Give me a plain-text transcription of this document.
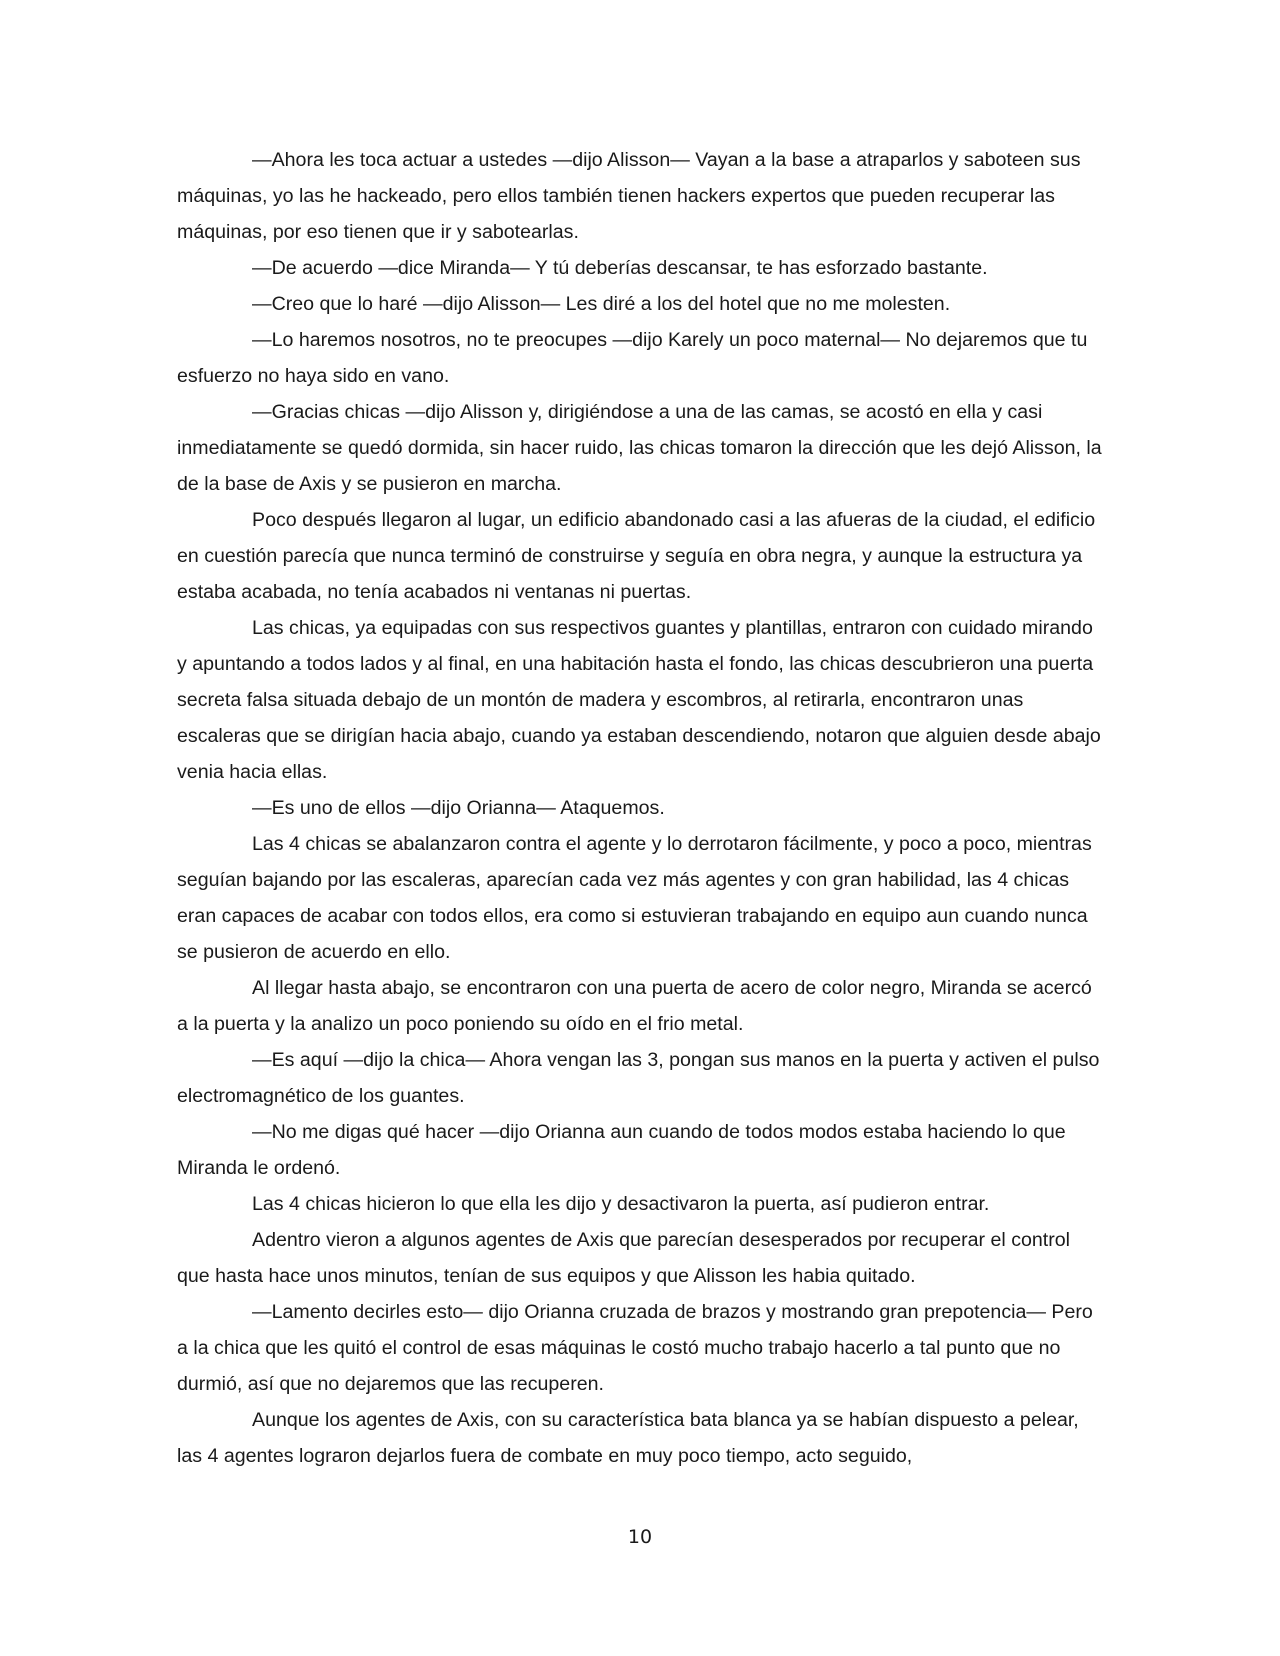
—Ahora les toca actuar a ustedes —dijo Alisson— Vayan a la base a atraparlos y saboteen sus máquinas, yo las he hackeado, pero ellos también tienen hackers expertos que pueden recuperar las máquinas, por eso tienen que ir y sabotearlas.

—De acuerdo —dice Miranda— Y tú deberías descansar, te has esforzado bastante.

—Creo que lo haré —dijo Alisson— Les diré a los del hotel que no me molesten.

—Lo haremos nosotros, no te preocupes —dijo Karely un poco maternal— No dejaremos que tu esfuerzo no haya sido en vano.

—Gracias chicas —dijo Alisson y, dirigiéndose a una de las camas, se acostó en ella y casi inmediatamente se quedó dormida, sin hacer ruido, las chicas tomaron la dirección que les dejó Alisson, la de la base de Axis y se pusieron en marcha.

Poco después llegaron al lugar, un edificio abandonado casi a las afueras de la ciudad, el edificio en cuestión parecía que nunca terminó de construirse y seguía en obra negra, y aunque la estructura ya estaba acabada, no tenía acabados ni ventanas ni puertas.

Las chicas, ya equipadas con sus respectivos guantes y plantillas, entraron con cuidado mirando y apuntando a todos lados y al final, en una habitación hasta el fondo, las chicas descubrieron una puerta secreta falsa situada debajo de un montón de madera y escombros, al retirarla, encontraron unas escaleras que se dirigían hacia abajo, cuando ya estaban descendiendo, notaron que alguien desde abajo venia hacia ellas.

—Es uno de ellos —dijo Orianna— Ataquemos.

Las 4 chicas se abalanzaron contra el agente y lo derrotaron fácilmente, y poco a poco, mientras seguían bajando por las escaleras, aparecían cada vez más agentes y con gran habilidad, las 4 chicas eran capaces de acabar con todos ellos, era como si estuvieran trabajando en equipo aun cuando nunca se pusieron de acuerdo en ello.

Al llegar hasta abajo, se encontraron con una puerta de acero de color negro, Miranda se acercó a la puerta y la analizo un poco poniendo su oído en el frio metal.

—Es aquí —dijo la chica— Ahora vengan las 3, pongan sus manos en la puerta y activen el pulso electromagnético de los guantes.

—No me digas qué hacer —dijo Orianna aun cuando de todos modos estaba haciendo lo que Miranda le ordenó.

Las 4 chicas hicieron lo que ella les dijo y desactivaron la puerta, así pudieron entrar.

Adentro vieron a algunos agentes de Axis que parecían desesperados por recuperar el control que hasta hace unos minutos, tenían de sus equipos y que Alisson les habia quitado.

—Lamento decirles esto— dijo Orianna cruzada de brazos y mostrando gran prepotencia— Pero a la chica que les quitó el control de esas máquinas le costó mucho trabajo hacerlo a tal punto que no durmió, así que no dejaremos que las recuperen.

Aunque los agentes de Axis, con su característica bata blanca ya se habían dispuesto a pelear, las 4 agentes lograron dejarlos fuera de combate en muy poco tiempo, acto seguido,

10
